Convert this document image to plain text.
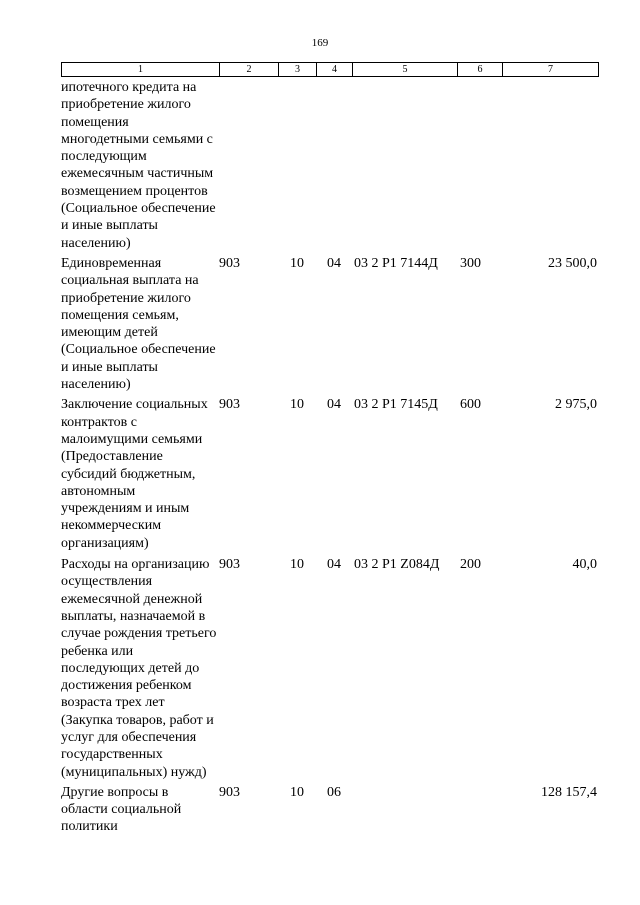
169
1	2	3	4	5	6	7
ипотечного кредита на приобретение жилого помещения многодетными семьями с последующим ежемесячным частичным возмещением процентов (Социальное обеспечение и иные выплаты населению)						
Единовременная социальная выплата на приобретение жилого помещения семьям, имеющим детей (Социальное обеспечение и иные выплаты населению)	903	10	04	03 2 Р1 7144Д	300	23 500,0
Заключение социальных контрактов с малоимущими семьями (Предоставление субсидий бюджетным, автономным учреждениям и иным некоммерческим организациям)	903	10	04	03 2 Р1 7145Д	600	2 975,0
Расходы на организацию осуществления ежемесячной денежной выплаты, назначаемой в случае рождения третьего ребенка или последующих детей до достижения ребенком возраста трех лет (Закупка товаров, работ и услуг для обеспечения государственных (муниципальных) нужд)	903	10	04	03 2 Р1 Z084Д	200	40,0
Другие вопросы в области социальной политики	903	10	06			128 157,4
